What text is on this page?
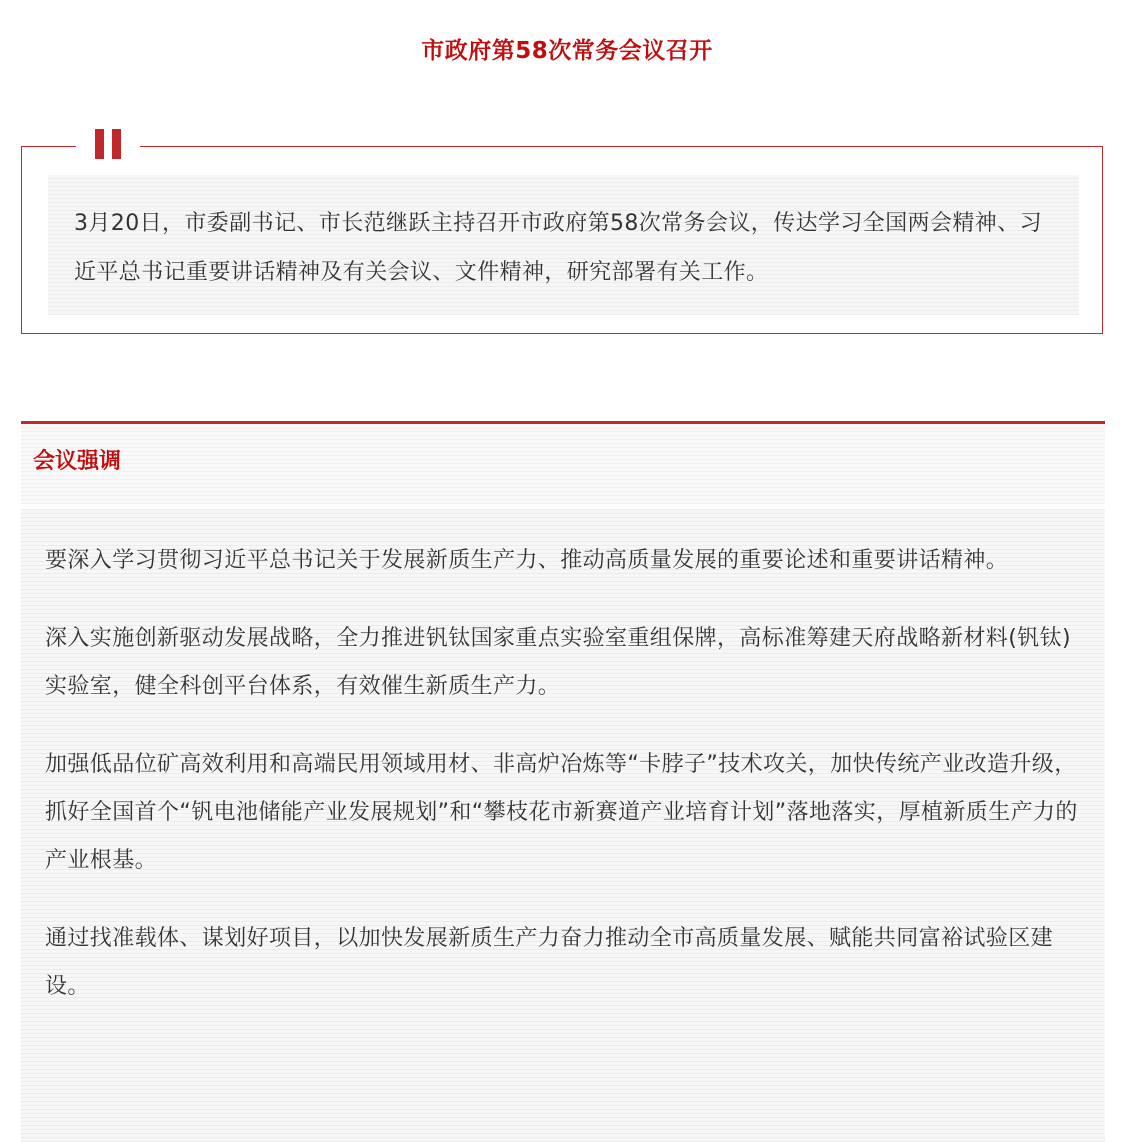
市政府第58次常务会议召开

3月20日，市委副书记、市长范继跃主持召开市政府第58次常务会议，传达学习全国两会精神、习近平总书记重要讲话精神及有关会议、文件精神，研究部署有关工作。

会议强调

要深入学习贯彻习近平总书记关于发展新质生产力、推动高质量发展的重要论述和重要讲话精神。

深入实施创新驱动发展战略，全力推进钒钛国家重点实验室重组保牌，高标准筹建天府战略新材料(钒钛)实验室，健全科创平台体系，有效催生新质生产力。

加强低品位矿高效利用和高端民用领域用材、非高炉冶炼等“卡脖子”技术攻关，加快传统产业改造升级，抓好全国首个“钒电池储能产业发展规划”和“攀枝花市新赛道产业培育计划”落地落实，厚植新质生产力的产业根基。

通过找准载体、谋划好项目，以加快发展新质生产力奋力推动全市高质量发展、赋能共同富裕试验区建设。
